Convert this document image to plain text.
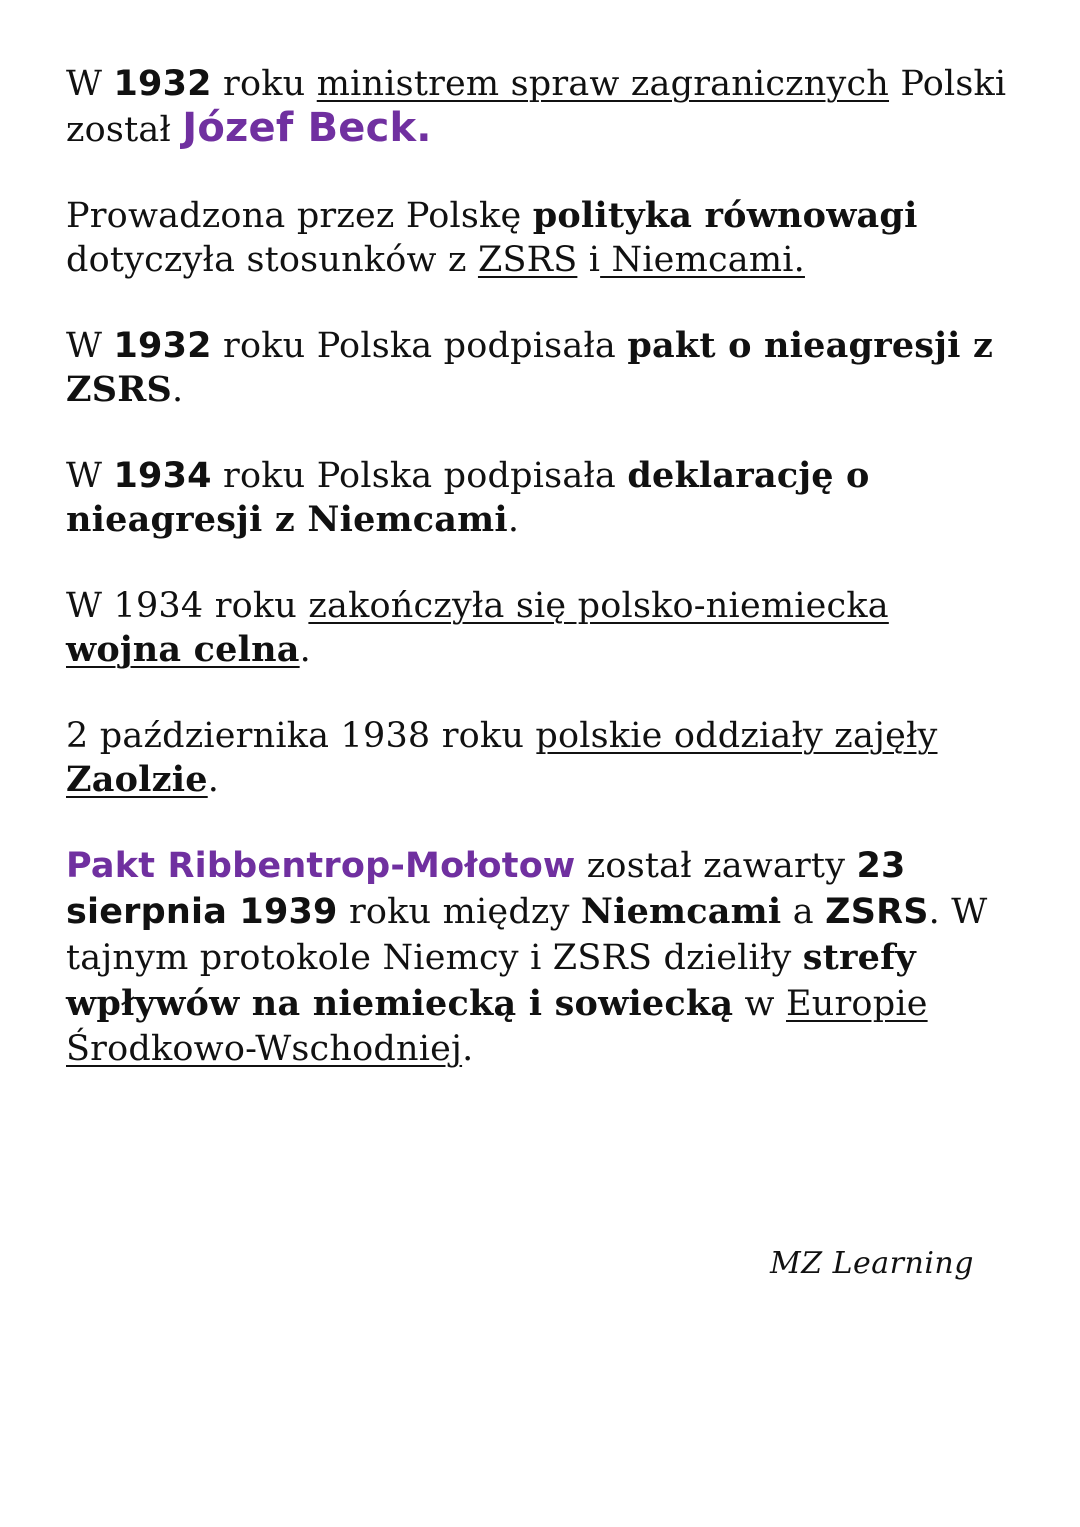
W 1932 roku ministrem spraw zagranicznych Polski został Józef Beck.

Prowadzona przez Polskę polityka równowagi dotyczyła stosunków z ZSRS i Niemcami.

W 1932 roku Polska podpisała pakt o nieagresji z ZSRS.

W 1934 roku Polska podpisała deklarację o nieagresji z Niemcami.

W 1934 roku zakończyła się polsko-niemiecka wojna celna.

2 października 1938 roku polskie oddziały zajęły Zaolzie.

Pakt Ribbentrop-Mołotow został zawarty 23 sierpnia 1939 roku między Niemcami a ZSRS. W tajnym protokole Niemcy i ZSRS dzieliły strefy wpływów na niemiecką i sowiecką w Europie Środkowo-Wschodniej.

MZ Learning
